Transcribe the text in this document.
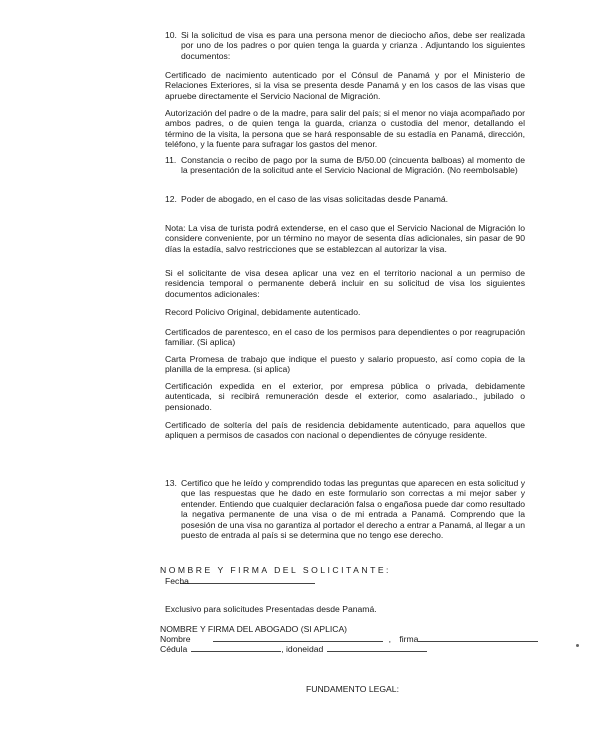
10. Si la solicitud de visa es para una persona menor de dieciocho años, debe ser realizada por uno de los padres o por quien tenga la guarda y crianza . Adjuntando los siguientes documentos:
Certificado de nacimiento autenticado por el Cónsul de Panamá y por el Ministerio de Relaciones Exteriores, si la visa se presenta desde Panamá y en los casos de las visas que apruebe directamente el Servicio Nacional de Migración.
Autorización del padre o de la madre, para salir del país; si el menor no viaja acompañado por ambos padres, o de quien tenga la guarda, crianza o custodia del menor, detallando el término de la visita, la persona que se hará responsable de su estadía en Panamá, dirección, teléfono, y la fuente para sufragar los gastos del menor.
11. Constancia o recibo de pago por la suma de B/50.00 (cincuenta balboas) al momento de la presentación de la solicitud ante el Servicio Nacional de Migración. (No reembolsable)
12. Poder de abogado, en el caso de las visas solicitadas desde Panamá.
Nota: La visa de turista podrá extenderse, en el caso que el Servicio Nacional de Migración lo considere conveniente, por un término no mayor de sesenta días adicionales, sin pasar de 90 días la estadía, salvo restricciones que se establezcan al autorizar la visa.
Si el solicitante de visa desea aplicar una vez en el territorio nacional a un permiso de residencia temporal o permanente deberá incluir en su solicitud de visa los siguientes documentos adicionales:
Record Policivo Original, debidamente autenticado.
Certificados de parentesco, en el caso de los permisos para dependientes o por reagrupación familiar. (Si aplica)
Carta Promesa de trabajo que indique el puesto y salario propuesto, así como copia de la planilla de la empresa. (si aplica)
Certificación expedida en el exterior, por empresa pública o privada, debidamente autenticada, si recibirá remuneración desde el exterior, como asalariado., jubilado o pensionado.
Certificado de soltería del país de residencia debidamente autenticado, para aquellos que apliquen a permisos de casados con nacional o dependientes de cónyuge residente.
13. Certifico que he leído y comprendido todas las preguntas que aparecen en esta solicitud y que las respuestas que he dado en este formulario son correctas a mi mejor saber y entender. Entiendo que cualquier declaración falsa o engañosa puede dar como resultado la negativa permanente de una visa o de mi entrada a Panamá. Comprendo que la posesión de una visa no garantiza al portador el derecho a entrar a Panamá, al llegar a un puesto de entrada al país si se determina que no tengo ese derecho.
NOMBRE Y FIRMA DEL SOLICITANTE:
Fecha
Exclusivo para solicitudes Presentadas desde Panamá.
NOMBRE Y FIRMA DEL ABOGADO (SI APLICA)
Nombre	, firma
Cédula	, idoneidad
FUNDAMENTO LEGAL:
